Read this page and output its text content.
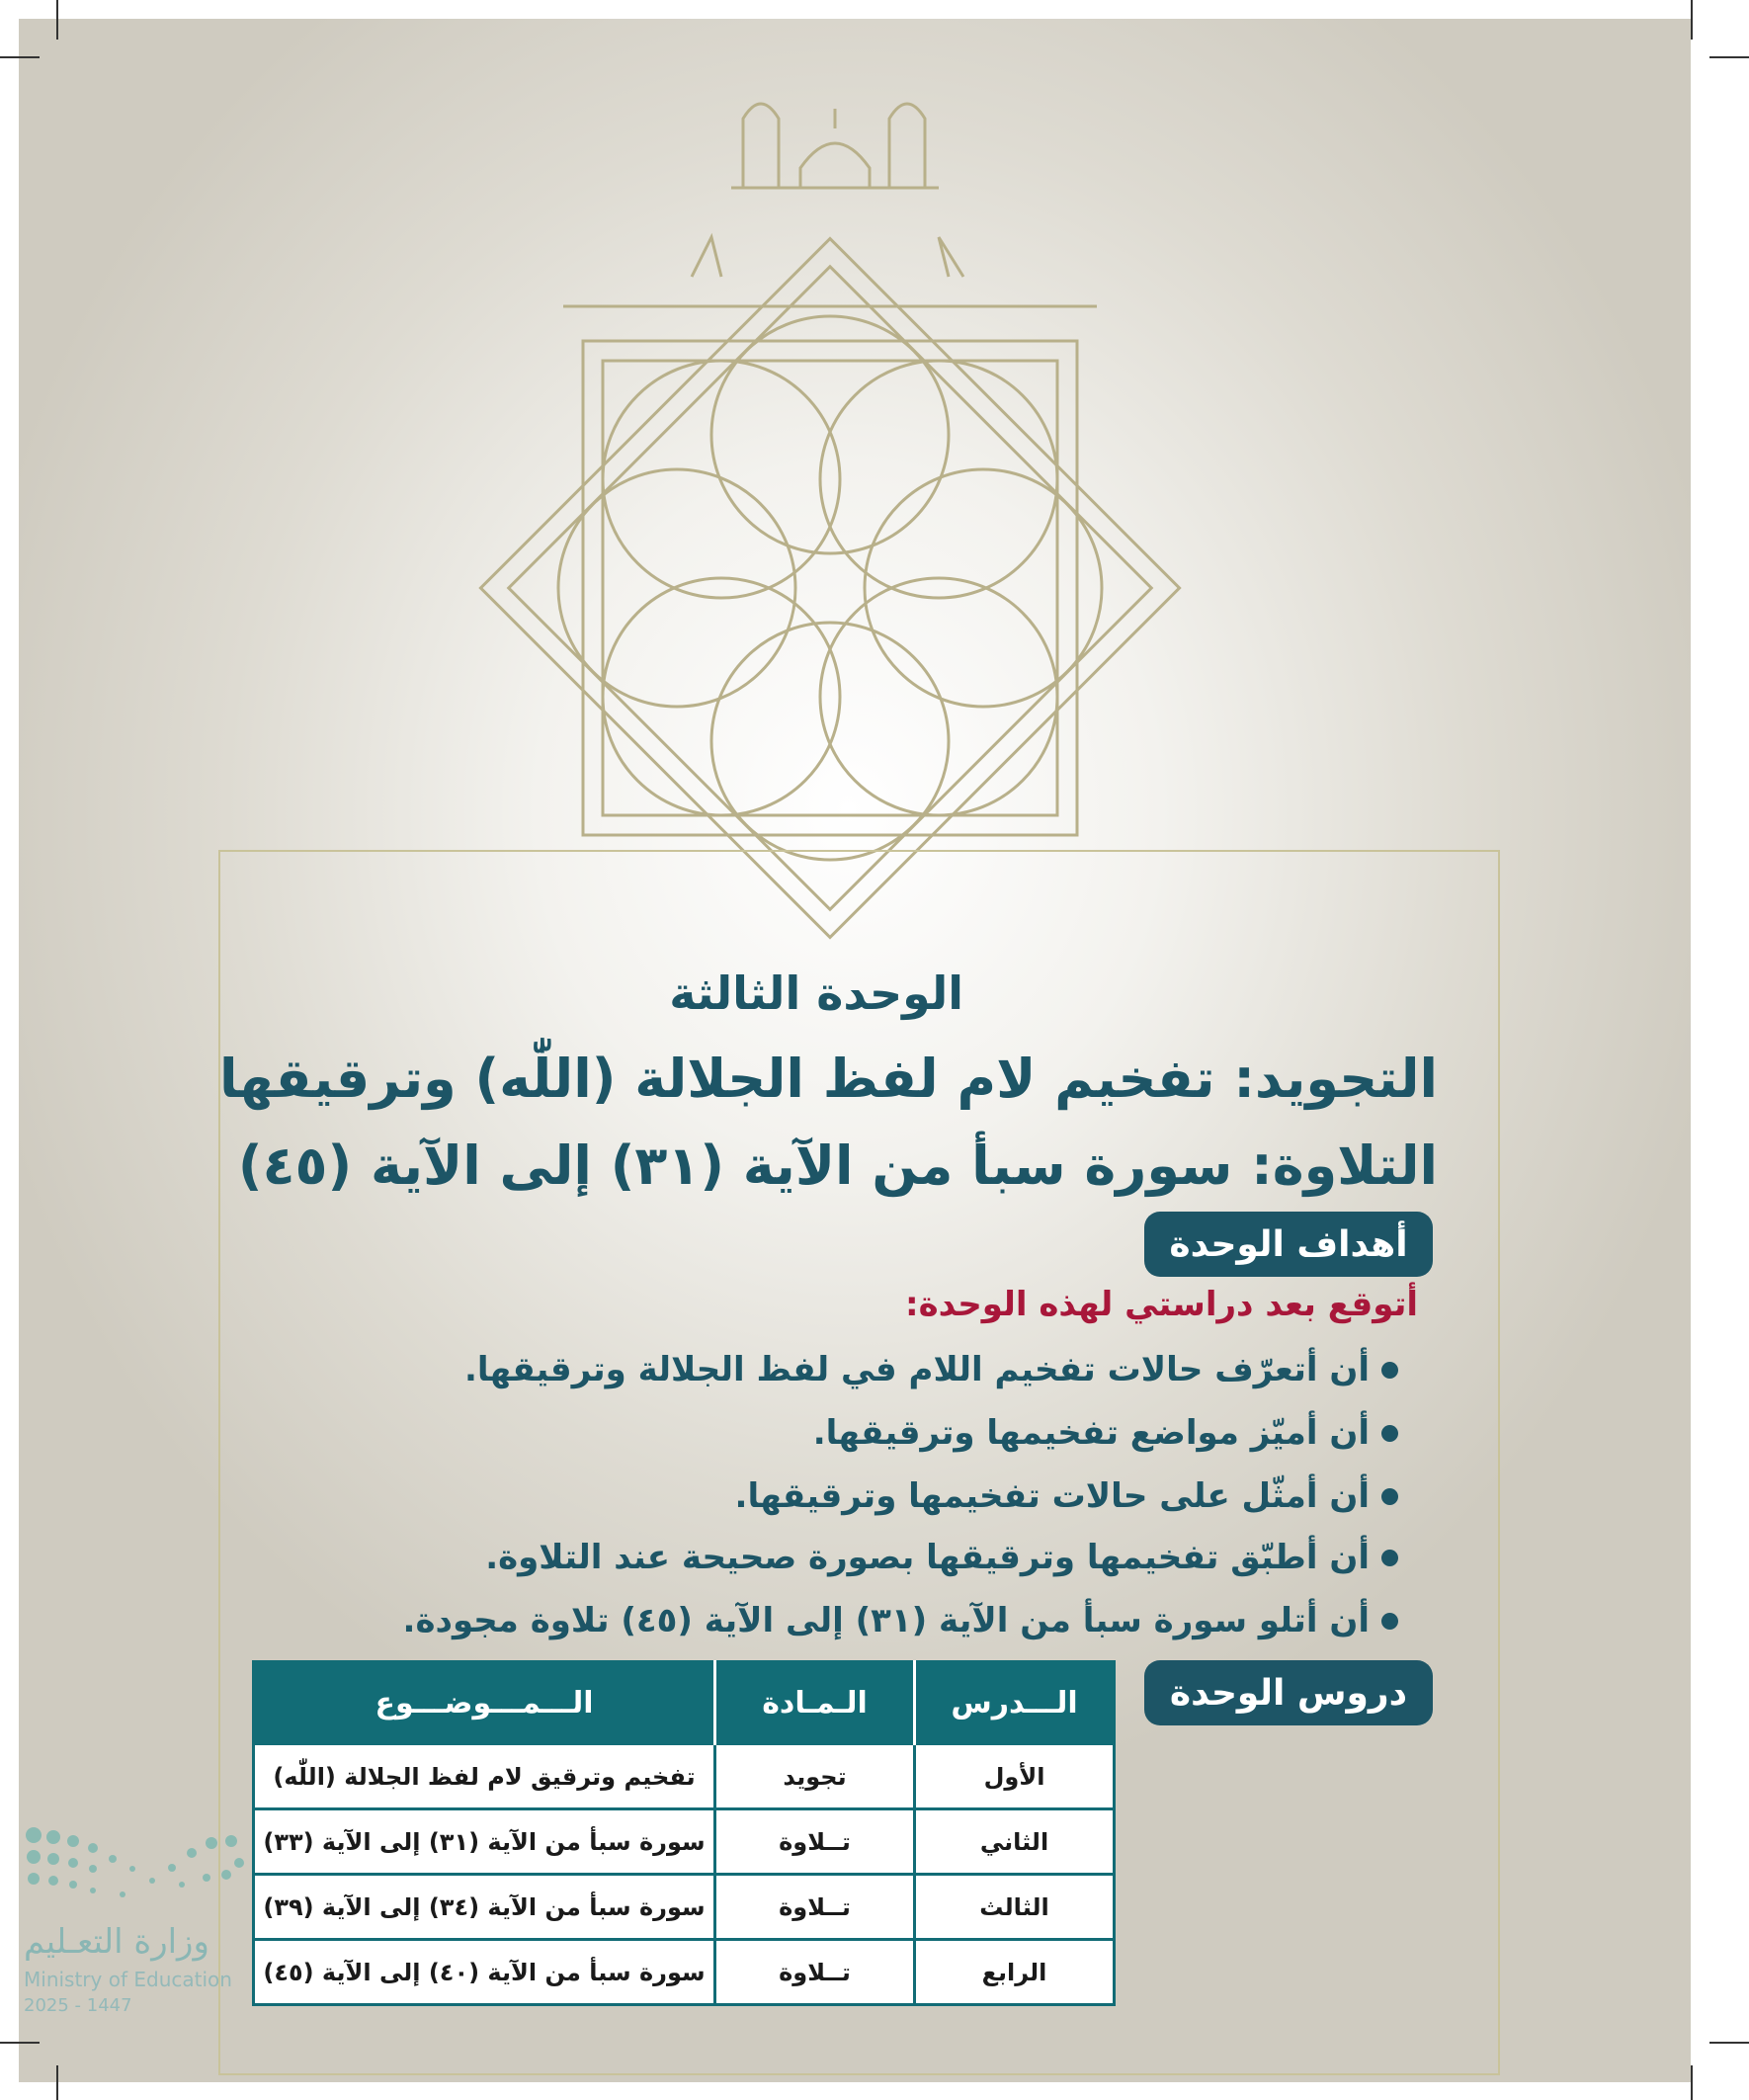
الوحدة الثالثة
التجويد: تفخيم لام لفظ الجلالة (اللّٰه) وترقيقها
التلاوة: سورة سبأ من الآية (٣١) إلى الآية (٤٥)
أهداف الوحدة
أتوقع بعد دراستي لهذه الوحدة:
أن أتعرّف حالات تفخيم اللام في لفظ الجلالة وترقيقها.
أن أميّز مواضع تفخيمها وترقيقها.
أن أمثّل على حالات تفخيمها وترقيقها.
أن أطبّق تفخيمها وترقيقها بصورة صحيحة عند التلاوة.
أن أتلو سورة سبأ من الآية (٣١) إلى الآية (٤٥) تلاوة مجودة.
دروس الوحدة
الـــدرس	الـمـادة	الـــمـــوضـــوع
الأول	تجويد	تفخيم وترقيق لام لفظ الجلالة (اللّٰه)
الثاني	تــلاوة	سورة سبأ من الآية (٣١) إلى الآية (٣٣)
الثالث	تــلاوة	سورة سبأ من الآية (٣٤) إلى الآية (٣٩)
الرابع	تــلاوة	سورة سبأ من الآية (٤٠) إلى الآية (٤٥)
وزارة التعـليم
Ministry of Education
2025 - 1447
